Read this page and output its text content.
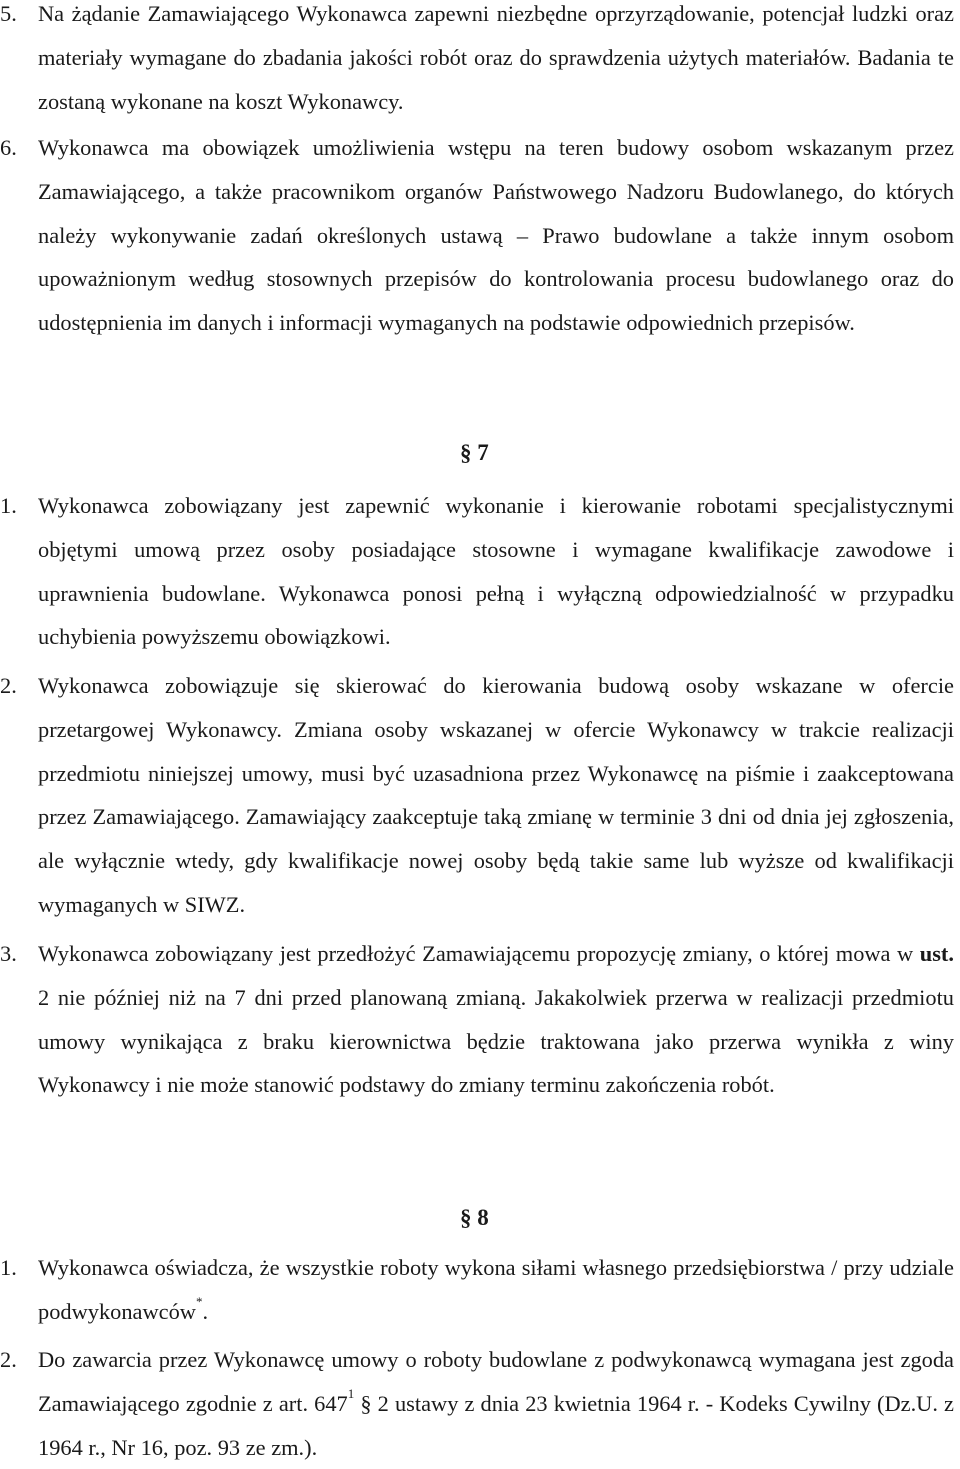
5. Na żądanie Zamawiającego Wykonawca zapewni niezbędne oprzyrządowanie, potencjał ludzki oraz materiały wymagane do zbadania jakości robót oraz do sprawdzenia użytych materiałów. Badania te zostaną wykonane na koszt Wykonawcy.
6. Wykonawca ma obowiązek umożliwienia wstępu na teren budowy osobom wskazanym przez Zamawiającego, a także pracownikom organów Państwowego Nadzoru Budowlanego, do których należy wykonywanie zadań określonych ustawą – Prawo budowlane a także innym osobom upoważnionym według stosownych przepisów do kontrolowania procesu budowlanego oraz do udostępnienia im danych i informacji wymaganych na podstawie odpowiednich przepisów.
§ 7
1. Wykonawca zobowiązany jest zapewnić wykonanie i kierowanie robotami specjalistycznymi objętymi umową przez osoby posiadające stosowne i wymagane kwalifikacje zawodowe i uprawnienia budowlane. Wykonawca ponosi pełną i wyłączną odpowiedzialność w przypadku uchybienia powyższemu obowiązkowi.
2. Wykonawca zobowiązuje się skierować do kierowania budową osoby wskazane w ofercie przetargowej Wykonawcy. Zmiana osoby wskazanej w ofercie Wykonawcy w trakcie realizacji przedmiotu niniejszej umowy, musi być uzasadniona przez Wykonawcę na piśmie i zaakceptowana przez Zamawiającego. Zamawiający zaakceptuje taką zmianę w terminie 3 dni od dnia jej zgłoszenia, ale wyłącznie wtedy, gdy kwalifikacje nowej osoby będą takie same lub wyższe od kwalifikacji wymaganych w SIWZ.
3. Wykonawca zobowiązany jest przedłożyć Zamawiającemu propozycję zmiany, o której mowa w ust. 2 nie później niż na 7 dni przed planowaną zmianą. Jakakolwiek przerwa w realizacji przedmiotu umowy wynikająca z braku kierownictwa będzie traktowana jako przerwa wynikła z winy Wykonawcy i nie może stanowić podstawy do zmiany terminu zakończenia robót.
§ 8
1. Wykonawca oświadcza, że wszystkie roboty wykona siłami własnego przedsiębiorstwa / przy udziale podwykonawców*.
2. Do zawarcia przez Wykonawcę umowy o roboty budowlane z podwykonawcą wymagana jest zgoda Zamawiającego zgodnie z art. $647^1$ § 2 ustawy z dnia 23 kwietnia 1964 r. - Kodeks Cywilny (Dz.U. z 1964 r., Nr 16, poz. 93 ze zm.).
